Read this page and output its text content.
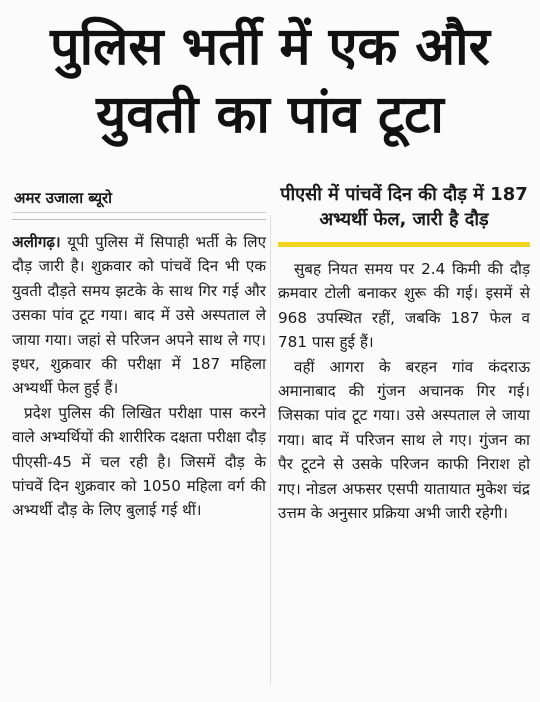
पुलिस भर्ती में एक और
युवती का पांव टूटा
अमर उजाला ब्यूरो

अलीगढ़। यूपी पुलिस में सिपाही भर्ती के लिए दौड़ जारी है। शुक्रवार को पांचवें दिन भी एक युवती दौड़ते समय झटके के साथ गिर गई और उसका पांव टूट गया। बाद में उसे अस्पताल ले जाया गया। जहां से परिजन अपने साथ ले गए। इधर, शुक्रवार की परीक्षा में 187 महिला अभ्यर्थी फेल हुई हैं।

प्रदेश पुलिस की लिखित परीक्षा पास करने वाले अभ्यर्थियों की शारीरिक दक्षता परीक्षा दौड़ पीएसी-45 में चल रही है। जिसमें दौड़ के पांचवें दिन शुक्रवार को 1050 महिला वर्ग की अभ्यर्थी दौड़ के लिए बुलाई गई थीं।

पीएसी में पांचवें दिन की दौड़ में 187 अभ्यर्थी फेल, जारी है दौड़

सुबह नियत समय पर 2.4 किमी की दौड़ क्रमवार टोली बनाकर शुरू की गई। इसमें से 968 उपस्थित रहीं, जबकि 187 फेल व 781 पास हुई हैं।

वहीं आगरा के बरहन गांव कंदराऊ अमानाबाद की गुंजन अचानक गिर गई। जिसका पांव टूट गया। उसे अस्पताल ले जाया गया। बाद में परिजन साथ ले गए। गुंजन का पैर टूटने से उसके परिजन काफी निराश हो गए। नोडल अफसर एसपी यातायात मुकेश चंद्र उत्तम के अनुसार प्रक्रिया अभी जारी रहेगी।
